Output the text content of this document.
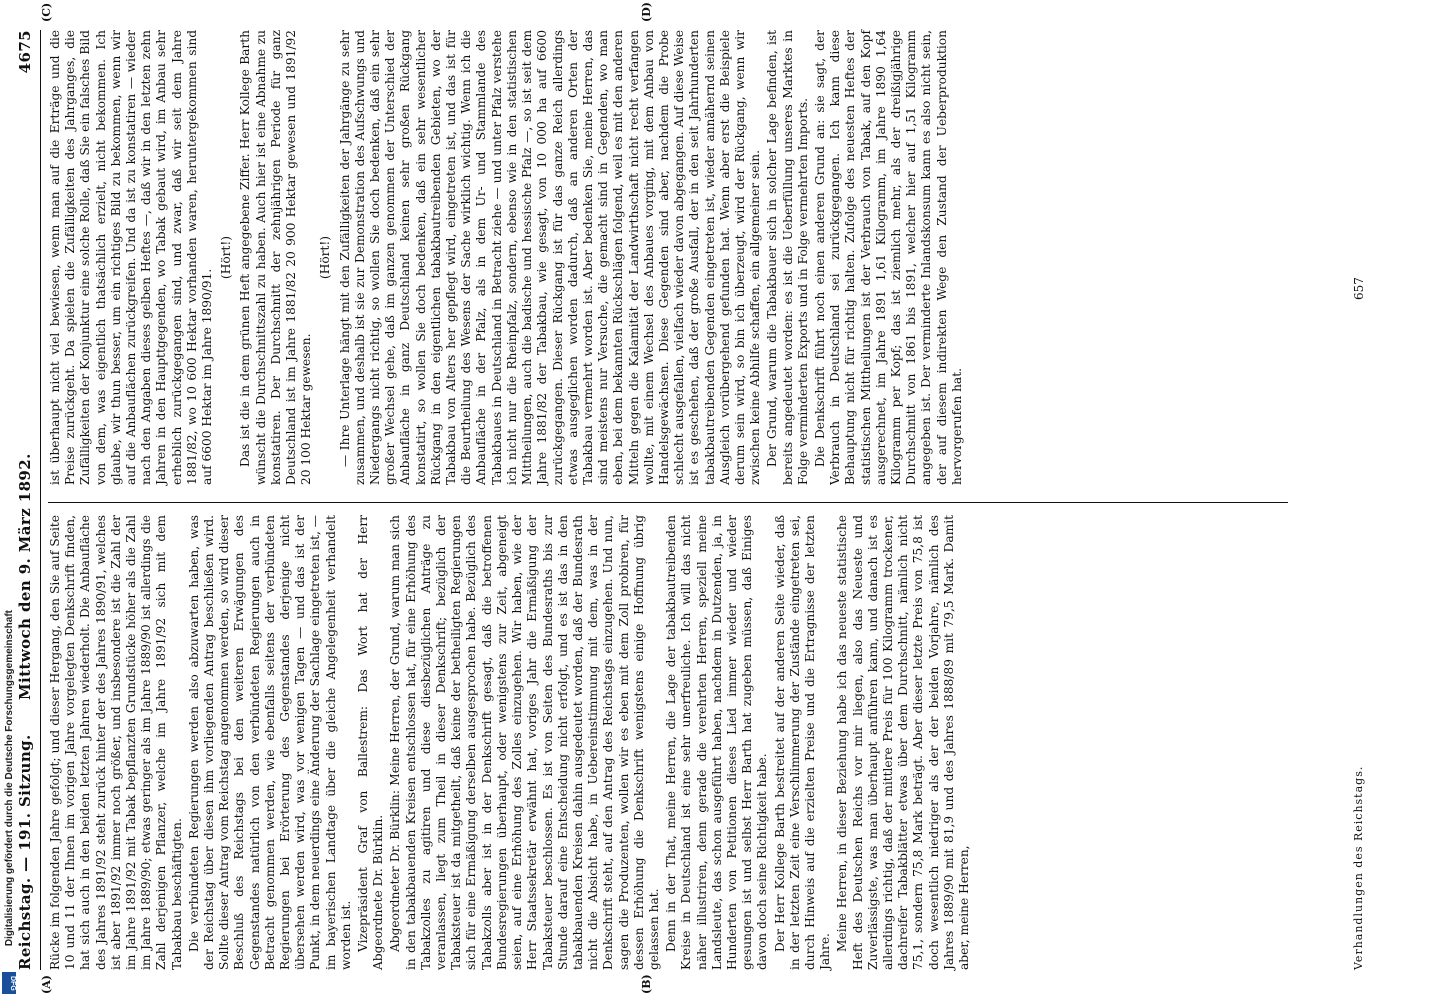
Reichstag. — 191. Sitzung.
Mittwoch den 9. März 1892.
4675
(A)	(B)
(C)	(D)

Rücke im folgenden Jahre gefolgt; und dieser Hergang, den Sie auf Seite 10 und 11 der Ihnen im vorigen Jahre vorgelegten Denkschrift finden, hat sich auch in den beiden letzten Jahren wiederholt. Die Anbaufläche des Jahres 1891/92 steht zurück hinter der des Jahres 1890/91, welches ist aber 1891/92 immer noch größer, und insbesondere ist die Zahl der im Jahre 1891/92 mit Tabak bepflanzten Grundstücke höher als die Zahl im Jahre 1889/90; etwas geringer als im Jahre 1889/90 ist allerdings die Zahl derjenigen Pflanzer, welche im Jahre 1891/92 sich mit dem Tabakbau beschäftigten. Die verbündeten Regierungen werden also abzuwarten haben, was der Reichstag über diesen ihm vorliegenden Antrag beschließen wird. Sollte dieser Antrag vom Reichstag angenommen werden, so wird dieser Beschluß des Reichstags bei den weiteren Erwägungen des Gegenstandes natürlich von den verbündeten Regierungen auch in Betracht genommen werden, wie ebenfalls seitens der verbündeten Regierungen bei Erörterung des Gegenstandes derjenige nicht übersehen werden wird, was vor wenigen Tagen — und das ist der Punkt, in dem neuerdings eine Änderung der Sachlage eingetreten ist, — im bayerischen Landtage über die gleiche Angelegenheit verhandelt worden ist. Vizepräsident Graf von Ballestrem: Das Wort hat der Herr Abgeordnete Dr. Bürklin. Abgeordneter Dr. Bürklin: Meine Herren, der Grund, warum man sich in den tabakbauenden Kreisen entschlossen hat, für eine Erhöhung des Tabakzolles zu agitiren und diese diesbezüglichen Anträge zu veranlassen, liegt zum Theil in dieser Denkschrift; bezüglich der Tabaksteuer ist da mitgetheilt, daß keine der betheiligten Regierungen sich für eine Ermäßigung derselben ausgesprochen habe. Bezüglich des Tabakzolls aber ist in der Denkschrift gesagt, daß die betroffenen Bundesregierungen überhaupt, oder wenigstens zur Zeit, abgeneigt seien, auf eine Erhöhung des Zolles einzugehen. Wir haben, wie der Herr Staatssekretär erwähnt hat, voriges Jahr die Ermäßigung der Tabaksteuer beschlossen. Es ist von Seiten des Bundesraths bis zur Stunde darauf eine Entscheidung nicht erfolgt, und es ist das in den tabakbauenden Kreisen dahin ausgedeutet worden, daß der Bundesrath nicht die Absicht habe, in Uebereinstimmung mit dem, was in der Denkschrift steht, auf den Antrag des Reichstags einzugehen. Und nun, sagen die Produzenten, wollen wir es eben mit dem Zoll probiren, für dessen Erhöhung die Denkschrift wenigstens einige Hoffnung übrig gelassen hat. Denn in der That, meine Herren, die Lage der tabakbautreibenden Kreise in Deutschland ist eine sehr unerfreuliche. Ich will das nicht näher illustriren, denn gerade die verehrten Herren, speziell meine Landsleute, das schon ausgeführt haben, nachdem in Dutzenden, ja, in Hunderten von Petitionen dieses Lied immer wieder und wieder gesungen ist und selbst Herr Barth hat zugeben müssen, daß Einiges davon doch seine Richtigkeit habe. Der Herr Kollege Barth bestreitet auf der anderen Seite wieder, daß in der letzten Zeit eine Verschlimmerung der Zustände eingetreten sei, durch Hinweis auf die erzielten Preise und die Ertragnisse der letzten Jahre. Meine Herren, in dieser Beziehung habe ich das neueste statistische Heft des Deutschen Reichs vor mir liegen, also das Neueste und Zuverlässigste, was man überhaupt anführen kann, und danach ist es allerdings richtig, daß der mittlere Preis für 100 Kilogramm trockener, dachreifer Tabakblätter etwas über dem Durchschnitt, nämlich nicht 75,1, sondern 75,8 Mark beträgt. Aber dieser letzte Preis von 75,8 ist doch wesentlich niedriger als der der beiden Vorjahre, nämlich des Jahres 1889/90 mit 81,9 und des Jahres 1888/89 mit 79,5 Mark. Damit aber, meine Herren,

ist überhaupt nicht viel bewiesen, wenn man auf die Erträge und die Preise zurückgeht. Da spielen die Zufälligkeiten des Jahrganges, die Zufälligkeiten der Konjunktur eine solche Rolle, daß Sie ein falsches Bild von dem, was eigentlich thatsächlich erzielt, nicht bekommen. Ich glaube, wir thun besser, um ein richtiges Bild zu bekommen, wenn wir auf die Anbauflächen zurückgreifen. Und da ist zu konstatiren — wieder nach den Angaben dieses gelben Heftes —, daß wir in den letzten zehn Jahren in den Haupttgegenden, wo Tabak gebaut wird, im Anbau sehr erheblich zurückgegangen sind, und zwar, daß wir seit dem Jahre 1881/82, wo 10 600 Hektar vorhanden waren, heruntergekommen sind auf 6600 Hektar im Jahre 1890/91.

(Hört!) Das ist die in dem grünen Heft angegebene Ziffer. Herr Kollege Barth wünscht die Durchschnittszahl zu haben. Auch hier ist eine Abnahme zu konstatiren. Der Durchschnitt der zehnjährigen Periode für ganz Deutschland ist im Jahre 1881/82 20 900 Hektar gewesen und 1891/92 20 100 Hektar gewesen.

(Hört!) — Ihre Unterlage hängt mit den Zufälligkeiten der Jahrgänge zu sehr zusammen, und deshalb ist sie zur Demonstration des Aufschwungs und Niedergangs nicht richtig, so wollen Sie doch bedenken, daß ein sehr großer Wechsel gehe, daß im ganzen genommen der Unterschied der Anbaufläche in ganz Deutschland keinen sehr großen Rückgang konstatirt, so wollen Sie doch bedenken, daß ein sehr wesentlicher Rückgang in den eigentlichen tabakbautreibenden Gebieten, wo der Tabakbau von Alters her gepflegt wird, eingetreten ist, und das ist für die Beurtheilung des Wesens der Sache wirklich wichtig. Wenn ich die Anbaufläche in der Pfalz, als in dem Ur- und Stammlande des Tabakbaues in Deutschland in Betracht ziehe — und unter Pfalz verstehe ich nicht nur die Rheinpfalz, sondern, ebenso wie in den statistischen Mittheilungen, auch die badische und hessische Pfalz —, so ist seit dem Jahre 1881/82 der Tabakbau, wie gesagt, von 10 000 ha auf 6600 zurückgegangen. Dieser Rückgang ist für das ganze Reich allerdings etwas ausgeglichen worden dadurch, daß an anderen Orten der Tabakbau vermehrt worden ist. Aber bedenken Sie, meine Herren, das sind meistens nur Versuche, die gemacht sind in Gegenden, wo man eben, bei dem bekannten Rückschlägen folgend, weil es mit den anderen Mitteln gegen die Kalamität der Landwirthschaft nicht recht verfangen wollte, mit einem Wechsel des Anbaues vorging, mit dem Anbau von Handelsgewächsen. Diese Gegenden sind aber, nachdem die Probe schlecht ausgefallen, vielfach wieder davon abgegangen. Auf diese Weise ist es geschehen, daß der große Ausfall, der in den seit Jahrhunderten tabakbautreibenden Gegenden eingetreten ist, wieder annähernd seinen Ausgleich vorübergehend gefunden hat. Wenn aber erst die Beispiele derum sein wird, so bin ich überzeugt, wird der Rückgang, wenn wir zwischen keine Abhilfe schaffen, ein allgemeiner sein. Der Grund, warum die Tabakbauer sich in solcher Lage befinden, ist bereits angedeutet worden: es ist die Ueberfüllung unseres Marktes in Folge verminderten Exports und in Folge vermehrten Imports. Die Denkschrift führt noch einen anderen Grund an: sie sagt, der Verbrauch in Deutschland sei zurückgegangen. Ich kann diese Behauptung nicht für richtig halten. Zufolge des neuesten Heftes der statistischen Mittheilungen ist der Verbrauch von Tabak, auf den Kopf ausgerechnet, im Jahre 1891 1,61 Kilogramm, im Jahre 1890 1,64 Kilogramm per Kopf; das ist ziemlich mehr, als der dreißigjährige Durchschnitt von 1861 bis 1891, welcher hier auf 1,51 Kilogramm angegeben ist. Der verminderte Inlandskonsum kann es also nicht sein, der auf diesem indirekten Wege den Zustand der Ueberproduktion hervorgerufen hat.

Verhandlungen des Reichstags.
657
Digitalisierung gefördert durch die Deutsche Forschungsgemeinschaft
DFG
